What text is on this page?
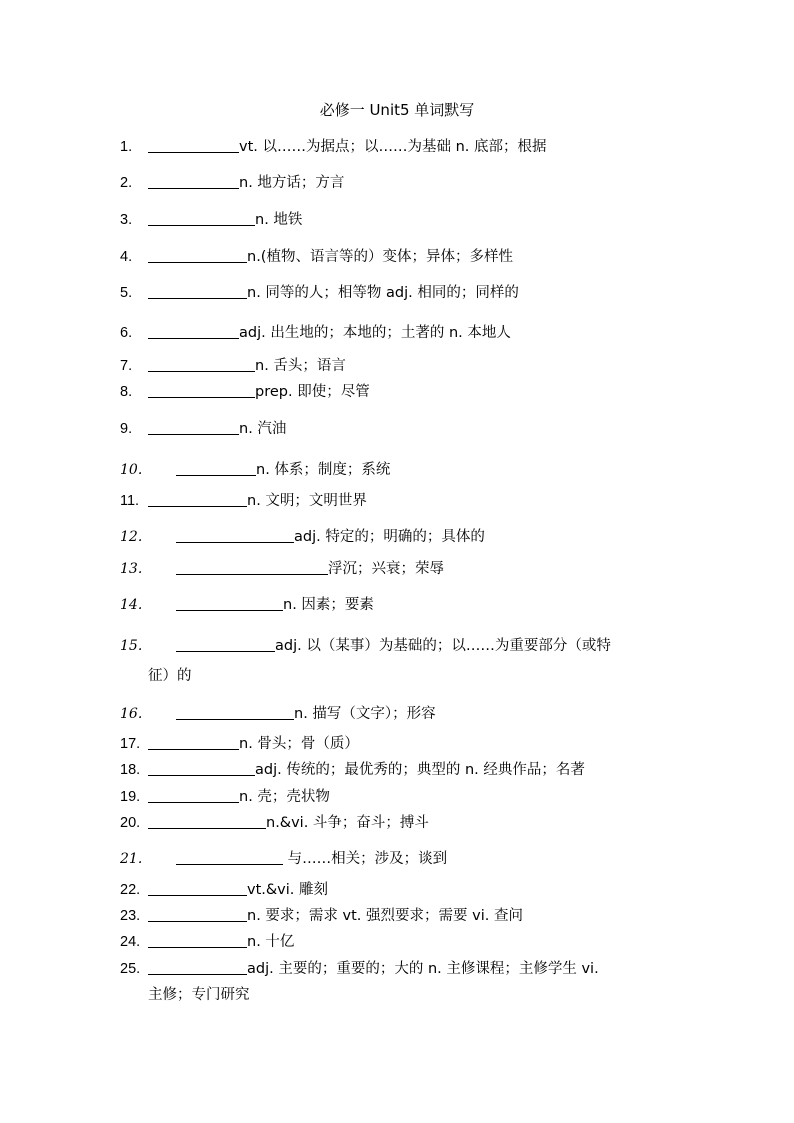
必修一 Unit5 单词默写
1.	vt. 以……为据点；以……为基础 n. 底部；根据
2.	n. 地方话；方言
3.	n. 地铁
4.	n.(植物、语言等的）变体；异体；多样性
5.	n. 同等的人；相等物 adj. 相同的；同样的
6.	adj. 出生地的；本地的；土著的 n. 本地人
7.	n. 舌头；语言
8.	prep. 即使；尽管
9.	n. 汽油
10.	n. 体系；制度；系统
11.	n. 文明；文明世界
12.	adj. 特定的；明确的；具体的
13.	浮沉；兴衰；荣辱
14.	n. 因素；要素
15.	adj. 以（某事）为基础的；以……为重要部分（或特
征）的
16.	n. 描写（文字）；形容
17.	n. 骨头；骨（质）
18.	adj. 传统的；最优秀的；典型的 n. 经典作品；名著
19.	n. 壳；壳状物
20.	n.&vi. 斗争；奋斗；搏斗
21.	与……相关；涉及；谈到
22.	vt.&vi. 雕刻
23.	n. 要求；需求 vt. 强烈要求；需要 vi. 查问
24.	n. 十亿
25.	adj. 主要的；重要的；大的 n. 主修课程；主修学生 vi.
主修；专门研究
